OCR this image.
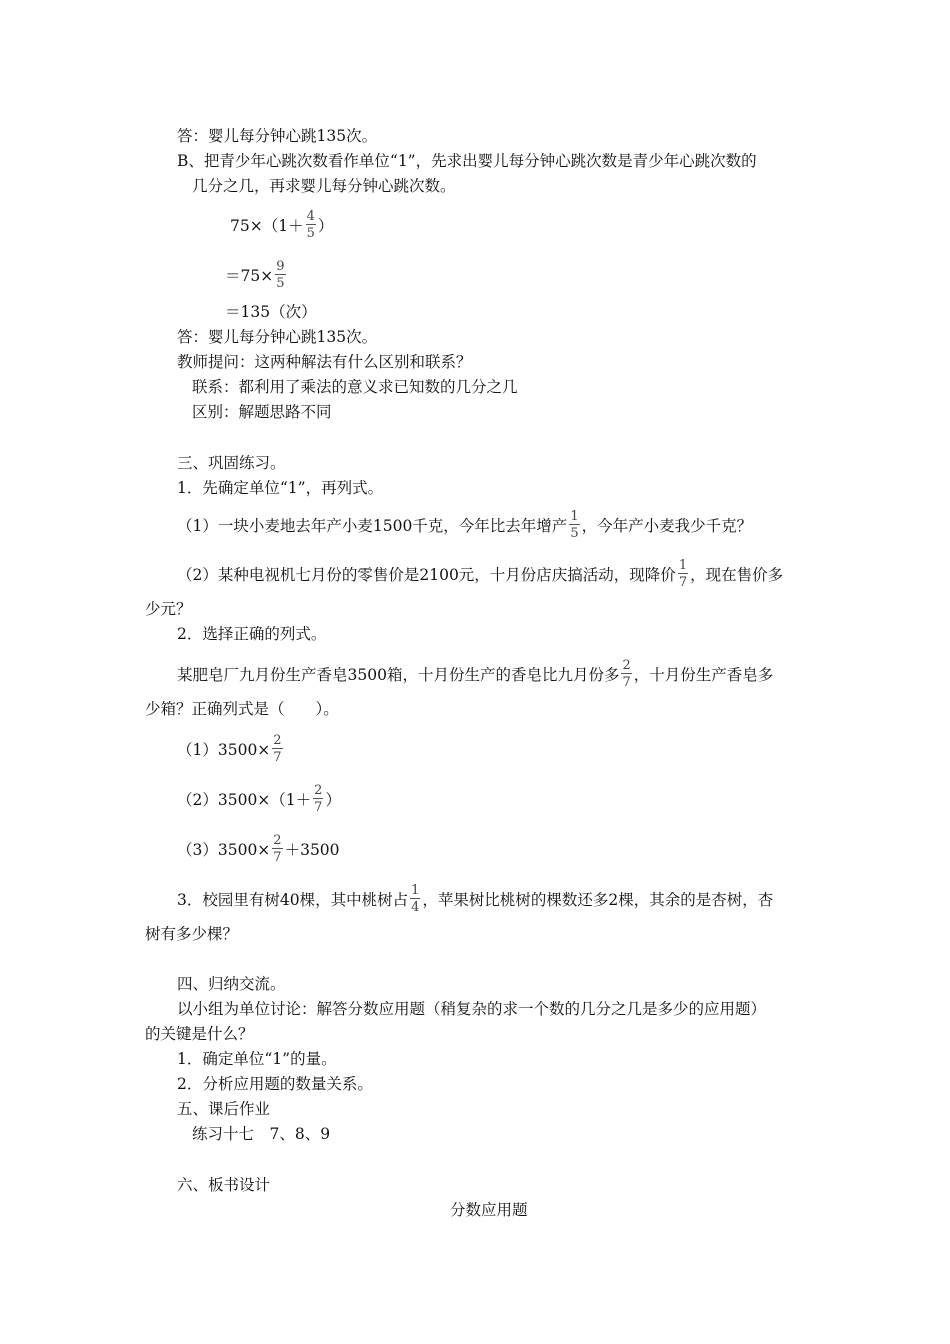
答：婴儿每分钟心跳135次。
B、把青少年心跳次数看作单位“1”，先求出婴儿每分钟心跳次数是青少年心跳次数的
几分之几，再求婴儿每分钟心跳次数。
$75\times(1+ \frac{4}{5}$ ）
$=75\times \frac{9}{5}$
＝135（次）
答：婴儿每分钟心跳135次。
教师提问：这两种解法有什么区别和联系？
联系：都利用了乘法的意义求已知数的几分之几
区别：解题思路不同
三、巩固练习。
1．先确定单位“1”，再列式。
（1）一块小麦地去年产小麦1500千克，今年比去年增产 $\frac{1}{5}$ ，今年产小麦我少千克？
（2）某种电视机七月份的零售价是2100元，十月份店庆搞活动，现降价 $\frac{1}{7}$ ，现在售价多
少元？
2．选择正确的列式。
某肥皂厂九月份生产香皂3500箱，十月份生产的香皂比九月份多 $\frac{2}{7}$ ，十月份生产香皂多
少箱？正确列式是（　　）。
$(1)3500\times \frac{2}{7}$
$(2)3500\times(1+ \frac{2}{7}$ ）
$(3)3500\times \frac{2}{7} +3500$
3．校园里有树40棵，其中桃树占 $\frac{1}{4}$ ，苹果树比桃树的棵数还多2棵，其余的是杏树，杏
树有多少棵？
四、归纳交流。
以小组为单位讨论：解答分数应用题（稍复杂的求一个数的几分之几是多少的应用题）
的关键是什么？
1．确定单位“1”的量。
2．分析应用题的数量关系。
五、课后作业
练习十七　7、8、9
六、板书设计
分数应用题
